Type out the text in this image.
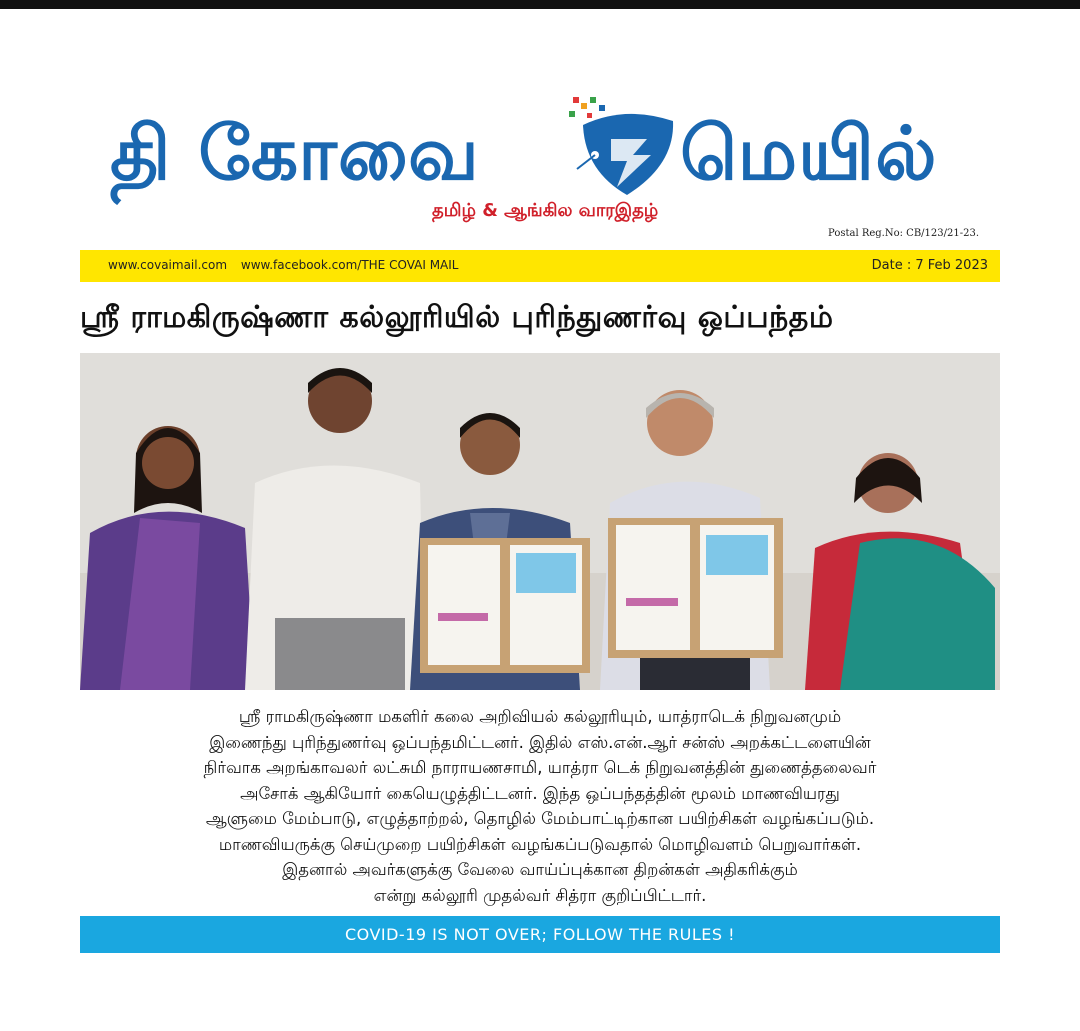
தி கோவை	மெயில்
தமிழ் & ஆங்கில வாரஇதழ்
Postal Reg.No: CB/123/21-23.
www.covaimail.com www.facebook.com/THE COVAI MAIL	Date : 7 Feb 2023
ஸ்ரீ ராமகிருஷ்ணா கல்லூரியில் புரிந்துணர்வு ஒப்பந்தம்
ஸ்ரீ ராமகிருஷ்ணா மகளிர் கலை அறிவியல் கல்லூரியும், யாத்ராடெக் நிறுவனமும்
இணைந்து புரிந்துணர்வு ஒப்பந்தமிட்டனர். இதில் எஸ்.என்.ஆர் சன்ஸ் அறக்கட்டளையின்
நிர்வாக அறங்காவலர் லட்சுமி நாராயணசாமி, யாத்ரா டெக் நிறுவனத்தின் துணைத்தலைவர்
அசோக் ஆகியோர் கையெழுத்திட்டனர். இந்த ஒப்பந்தத்தின் மூலம் மாணவியரது
ஆளுமை மேம்பாடு, எழுத்தாற்றல், தொழில் மேம்பாட்டிற்கான பயிற்சிகள் வழங்கப்படும்.
மாணவியருக்கு செய்முறை பயிற்சிகள் வழங்கப்படுவதால் மொழிவளம் பெறுவார்கள்.
இதனால் அவர்களுக்கு வேலை வாய்ப்புக்கான திறன்கள் அதிகரிக்கும்
என்று கல்லூரி முதல்வர் சித்ரா குறிப்பிட்டார்.
COVID-19 IS NOT OVER; FOLLOW THE RULES !
